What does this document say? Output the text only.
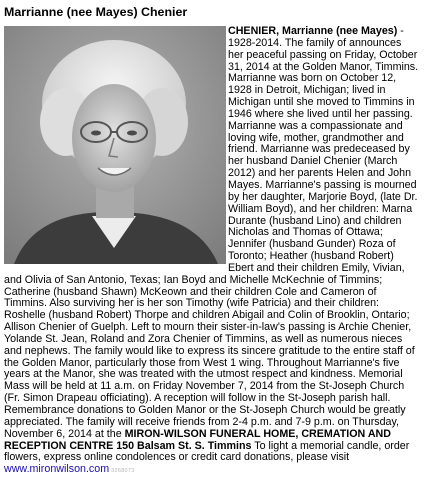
Marrianne (nee Mayes) Chenier
CHENIER, Marrianne (nee Mayes) - 1928-2014. The family of announces her peaceful passing on Friday, October 31, 2014 at the Golden Manor, Timmins. Marrianne was born on October 12, 1928 in Detroit, Michigan; lived in Michigan until she moved to Timmins in 1946 where she lived until her passing. Marrianne was a compassionate and loving wife, mother, grandmother and friend. Marrianne was predeceased by her husband Daniel Chenier (March 2012) and her parents Helen and John Mayes. Marrianne's passing is mourned by her daughter, Marjorie Boyd, (late Dr. William Boyd), and her children: Marna Durante (husband Lino) and children Nicholas and Thomas of Ottawa; Jennifer (husband Gunder) Roza of Toronto; Heather (husband Robert) Ebert and their children Emily, Vivian, and Olivia of San Antonio, Texas; Ian Boyd and Michelle McKechnie of Timmins; Catherine (husband Shawn) McKeown and their children Cole and Cameron of Timmins. Also surviving her is her son Timothy (wife Patricia) and their children: Roshelle (husband Robert) Thorpe and children Abigail and Colin of Brooklin, Ontario; Allison Chenier of Guelph. Left to mourn their sister-in-law's passing is Archie Chenier, Yolande St. Jean, Roland and Zora Chenier of Timmins, as well as numerous nieces and nephews. The family would like to express its sincere gratitude to the entire staff of the Golden Manor, particularly those from West 1 wing. Throughout Marrianne's five years at the Manor, she was treated with the utmost respect and kindness. Memorial Mass will be held at 11 a.m. on Friday November 7, 2014 from the St-Joseph Church (Fr. Simon Drapeau officiating). A reception will follow in the St-Joseph parish hall. Remembrance donations to Golden Manor or the St-Joseph Church would be greatly appreciated. The family will receive friends from 2-4 p.m. and 7-9 p.m. on Thursday, November 6, 2014 at the MIRON-WILSON FUNERAL HOME, CREMATION AND RECEPTION CENTRE 150 Balsam St. S. Timmins To light a memorial candle, order flowers, express online condolences or credit card donations, please visit
www.mironwilson.com 3268073
